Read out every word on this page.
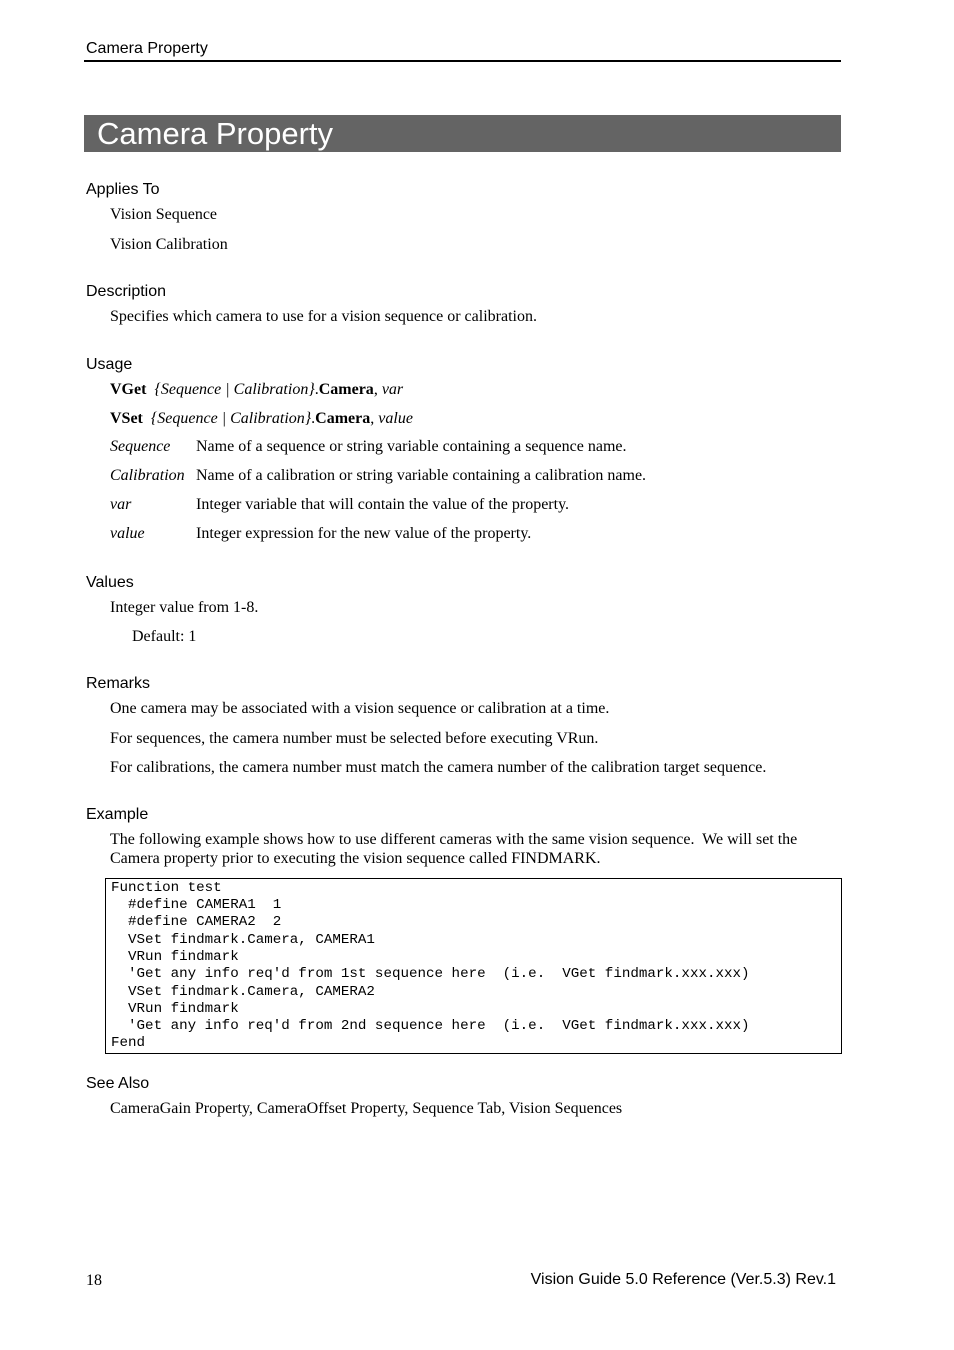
Camera Property
Camera Property
Applies To
Vision Sequence
Vision Calibration
Description
Specifies which camera to use for a vision sequence or calibration.
Usage
VGet {Sequence | Calibration}.Camera, var
VSet {Sequence | Calibration}.Camera, value
Sequence Name of a sequence or string variable containing a sequence name.
Calibration Name of a calibration or string variable containing a calibration name.
var	Integer variable that will contain the value of the property.
value	Integer expression for the new value of the property.
Values
Integer value from 1-8.
Default: 1
Remarks
One camera may be associated with a vision sequence or calibration at a time.
For sequences, the camera number must be selected before executing VRun.
For calibrations, the camera number must match the camera number of the calibration target sequence.
Example
The following example shows how to use different cameras with the same vision sequence.  We will set the
Camera property prior to executing the vision sequence called FINDMARK.
Function test
#define CAMERA1  1
#define CAMERA2  2
VSet findmark.Camera, CAMERA1
VRun findmark
'Get any info req'd from 1st sequence here  (i.e.  VGet findmark.xxx.xxx)
VSet findmark.Camera, CAMERA2
VRun findmark
'Get any info req'd from 2nd sequence here  (i.e.  VGet findmark.xxx.xxx)
Fend
See Also
CameraGain Property, CameraOffset Property, Sequence Tab, Vision Sequences
18	Vision Guide 5.0 Reference (Ver.5.3) Rev.1
